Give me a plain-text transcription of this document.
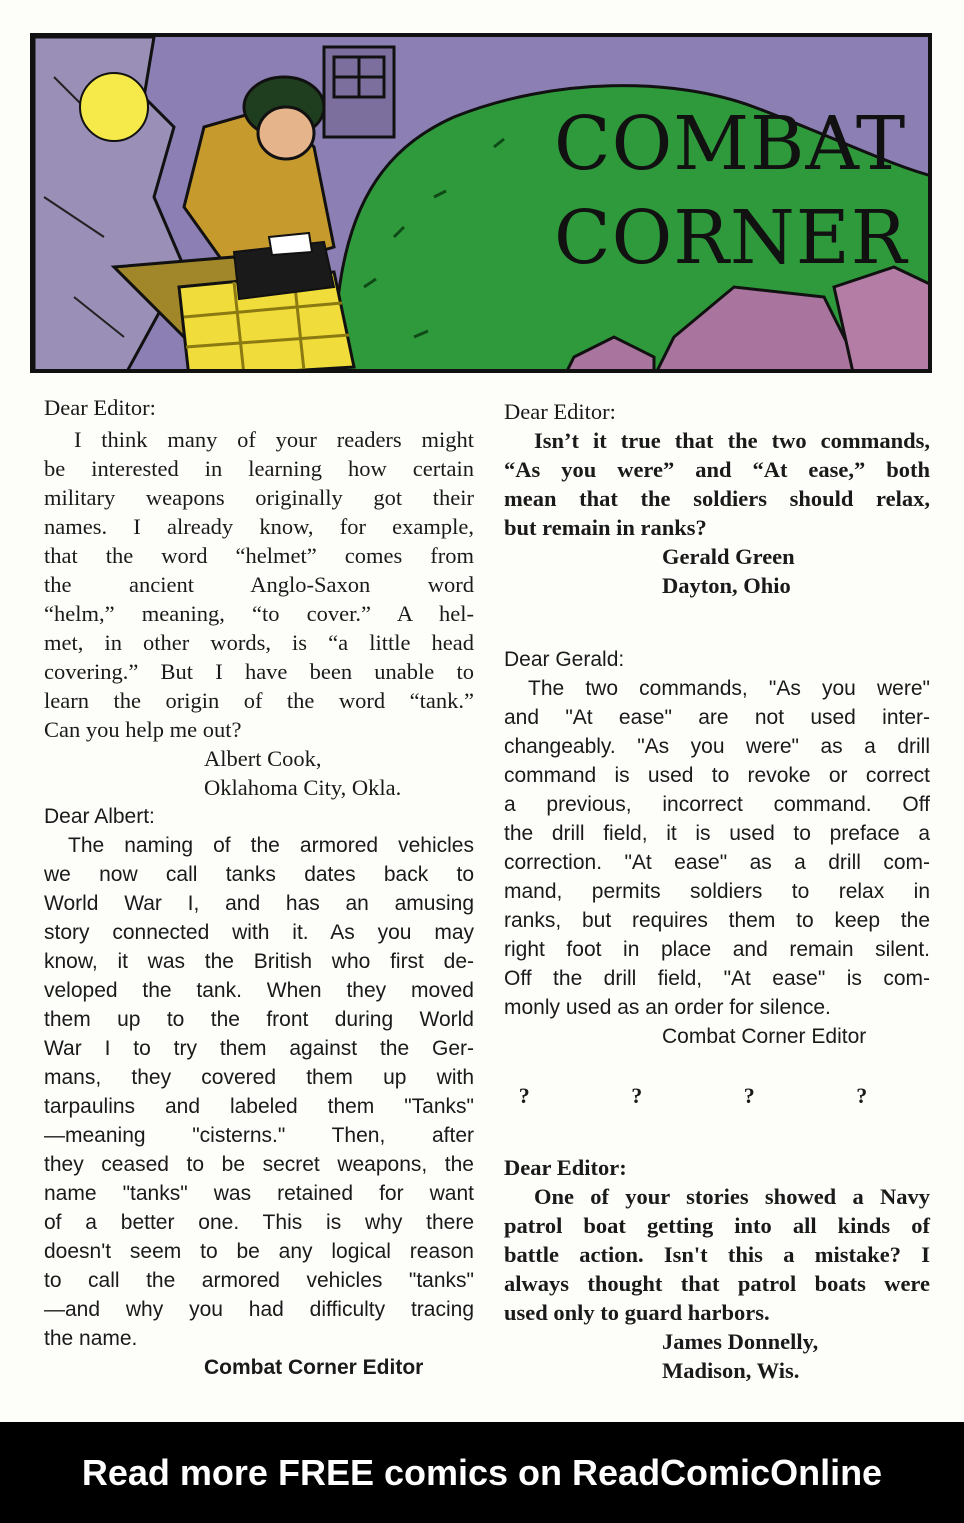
COMBAT
CORNER
Dear Editor:
I think many of your readers might
be interested in learning how certain
military weapons originally got their
names. I already know, for example,
that the word “helmet” comes from
the ancient Anglo-Saxon word
“helm,” meaning, “to cover.” A hel-
met, in other words, is “a little head
covering.” But I have been unable to
learn the origin of the word “tank.”
Can you help me out?
Albert Cook,
Oklahoma City, Okla.
Dear Albert:
The naming of the armored vehicles
we now call tanks dates back to
World War I, and has an amusing
story connected with it. As you may
know, it was the British who first de-
veloped the tank. When they moved
them up to the front during World
War I to try them against the Ger-
mans, they covered them up with
tarpaulins and labeled them "Tanks"
—meaning "cisterns." Then, after
they ceased to be secret weapons, the
name "tanks" was retained for want
of a better one. This is why there
doesn't seem to be any logical reason
to call the armored vehicles "tanks"
—and why you had difficulty tracing
the name.
Combat Corner Editor
Dear Editor:
Isn’t it true that the two commands,
“As you were” and “At ease,” both
mean that the soldiers should relax,
but remain in ranks?
Gerald Green
Dayton, Ohio
Dear Gerald:
The two commands, "As you were"
and "At ease" are not used inter-
changeably. "As you were" as a drill
command is used to revoke or correct
a previous, incorrect command. Off
the drill field, it is used to preface a
correction. "At ease" as a drill com-
mand, permits soldiers to relax in
ranks, but requires them to keep the
right foot in place and remain silent.
Off the drill field, "At ease" is com-
monly used as an order for silence.
Combat Corner Editor
? ? ? ?
Dear Editor:
One of your stories showed a Navy
patrol boat getting into all kinds of
battle action. Isn't this a mistake? I
always thought that patrol boats were
used only to guard harbors.
James Donnelly,
Madison, Wis.
Read more FREE comics on ReadComicOnline
